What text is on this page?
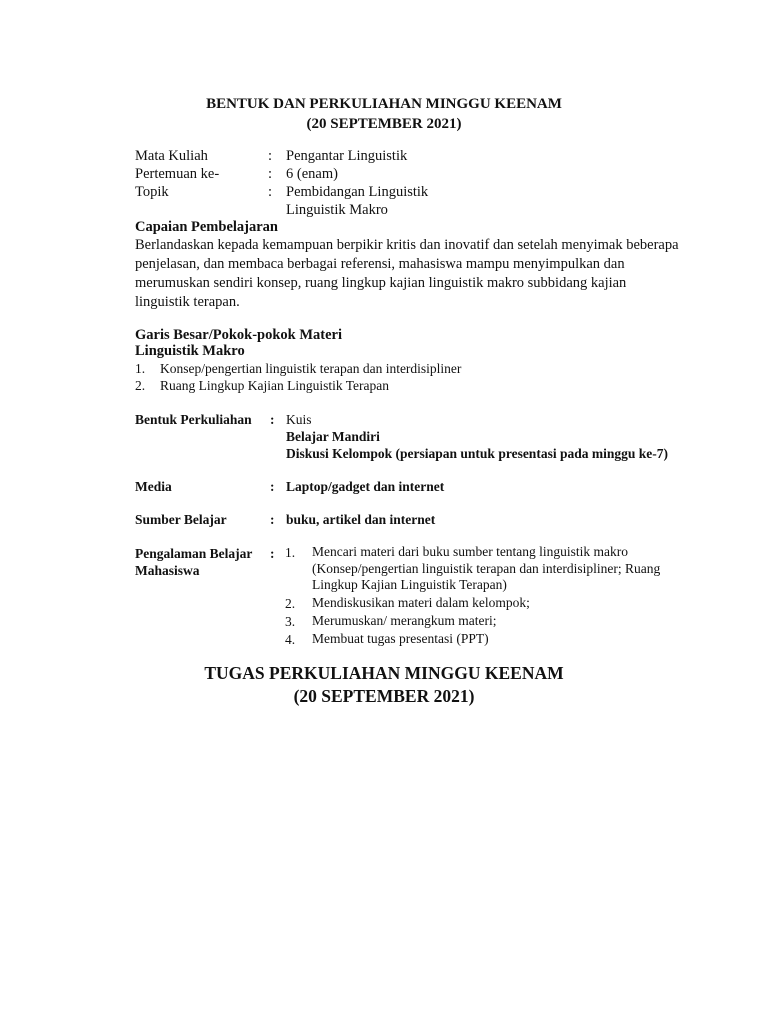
BENTUK DAN PERKULIAHAN MINGGU KEENAM
(20 SEPTEMBER 2021)
Mata Kuliah	: Pengantar Linguistik
Pertemuan ke-	: 6 (enam)
Topik	: Pembidangan Linguistik
Linguistik Makro
Capaian Pembelajaran
Berlandaskan kepada kemampuan berpikir kritis dan inovatif dan setelah menyimak beberapa penjelasan, dan membaca berbagai referensi, mahasiswa mampu menyimpulkan dan merumuskan sendiri konsep, ruang lingkup kajian linguistik makro subbidang kajian linguistik terapan.
Garis Besar/Pokok-pokok Materi
Linguistik Makro
1.	Konsep/pengertian linguistik terapan dan interdisipliner
2.	Ruang Lingkup Kajian Linguistik Terapan
Bentuk Perkuliahan	: Kuis
Belajar Mandiri
Diskusi Kelompok (persiapan untuk presentasi pada minggu ke-7)
Media	: Laptop/gadget dan internet
Sumber Belajar	: buku, artikel dan internet
Pengalaman Belajar
Mahasiswa
: 1.	Mencari materi dari buku sumber tentang linguistik makro (Konsep/pengertian linguistik terapan dan interdisipliner; Ruang Lingkup Kajian Linguistik Terapan)
2.	Mendiskusikan materi dalam kelompok;
3.	Merumuskan/ merangkum materi;
4.	Membuat tugas presentasi (PPT)
TUGAS PERKULIAHAN MINGGU KEENAM
(20 SEPTEMBER 2021)
